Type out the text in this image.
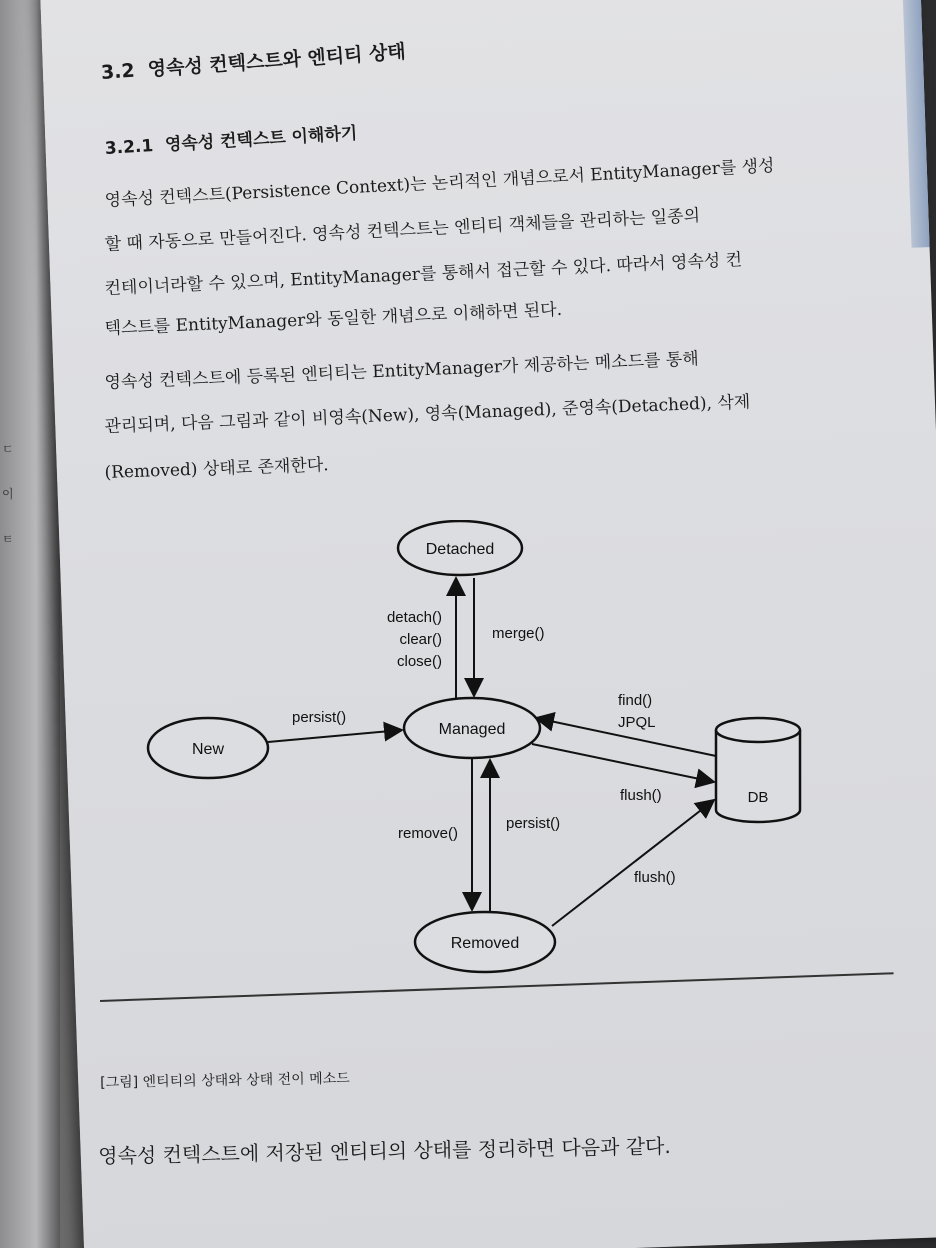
ㄷ
이
ㅌ
3.2 영속성 컨텍스트와 엔티티 상태
3.2.1 영속성 컨텍스트 이해하기
영속성 컨텍스트(Persistence Context)는 논리적인 개념으로서 EntityManager를 생성
할 때 자동으로 만들어진다. 영속성 컨텍스트는 엔티티 객체들을 관리하는 일종의
컨테이너라할 수 있으며, EntityManager를 통해서 접근할 수 있다. 따라서 영속성 컨
텍스트를 EntityManager와 동일한 개념으로 이해하면 된다.
영속성 컨텍스트에 등록된 엔티티는 EntityManager가 제공하는 메소드를 통해
관리되며, 다음 그림과 같이 비영속(New), 영속(Managed), 준영속(Detached), 삭제
(Removed) 상태로 존재한다.
Detached
New
Managed
Removed
DB
detach()
clear()
close()
merge()
persist()
find()
JPQL
flush()
remove()
persist()
flush()
[그림] 엔티티의 상태와 상태 전이 메소드
영속성 컨텍스트에 저장된 엔티티의 상태를 정리하면 다음과 같다.
